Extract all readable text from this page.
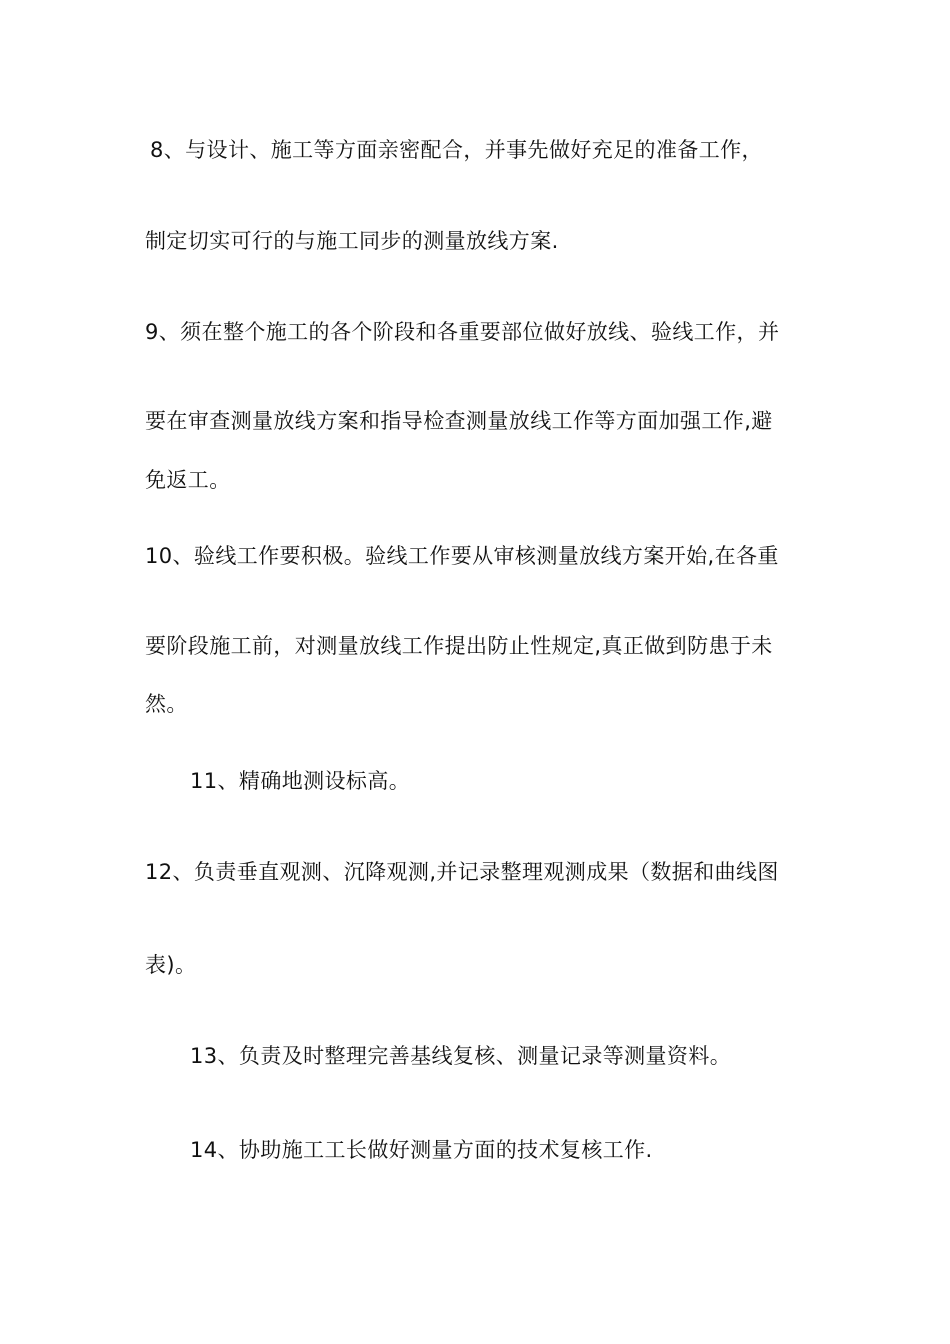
8、与设计、施工等方面亲密配合，并事先做好充足的准备工作，
制定切实可行的与施工同步的测量放线方案.
9、须在整个施工的各个阶段和各重要部位做好放线、验线工作，并
要在审查测量放线方案和指导检查测量放线工作等方面加强工作,避
免返工。
10、验线工作要积极。验线工作要从审核测量放线方案开始,在各重
要阶段施工前，对测量放线工作提出防止性规定,真正做到防患于未
然。
11、精确地测设标高。
12、负责垂直观测、沉降观测,并记录整理观测成果（数据和曲线图
表)。
13、负责及时整理完善基线复核、测量记录等测量资料。
14、协助施工工长做好测量方面的技术复核工作.
